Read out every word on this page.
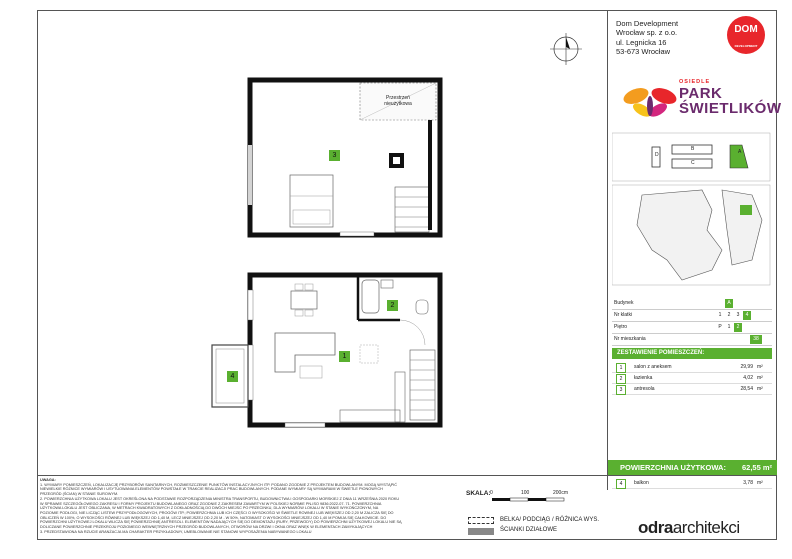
Przestrzeń
nieużytkowa
3
2
1
4
Dom Development
Wrocław sp. z o.o.
ul. Legnicka 16
53-673 Wrocław
DOM
DEVELOPMENT
OSIEDLE
PARK
ŚWIETLIKÓW
B
C
D	A
Budynek	A
Nr klatki	1	2	3	4
Piętro	P	1	2
Nr mieszkania	38
ZESTAWIENIE POMIESZCZEŃ:
1	salon z aneksem	29,99 m²
2	łazienka	4,02 m²
3	antresola	28,54 m²
POWIERZCHNIA UŻYTKOWA: 62,55 m²
4	balkon	3,78 m²
UWAGA:
1. WYMIARY POMIESZCZEŃ, LOKALIZACJĘ PRZYBORÓW SANITARNYCH, ROZMIESZCZENIE PUNKTÓW INSTALACYJNYCH ITP. PODANO ZGODNIE Z PROJEKTEM BUDOWLANYM. MOGĄ WYSTĄPIĆ
NIEWIELKIE RÓŻNICE WYMIARÓW I USYTUOWANIA ELEMENTÓW POWSTAŁE W TRAKCIE REALIZACJI PRAC BUDOWLANYCH. PODANE WYMIARY SĄ WYMIARAMI W ŚWIETLE PIONOWYCH
PRZEGRÓD (ŚCIAN) W STANIE SUROWYM.
2. POWIERZCHNIA UŻYTKOWA LOKALU JEST OKREŚLONA NA PODSTAWIE ROZPORZĄDZENIA MINISTRA TRANSPORTU, BUDOWNICTWA I GOSPODARKI MORSKIEJ Z DNIA 11 WRZEŚNIA 2020 ROKU
W SPRAWIE SZCZEGÓŁOWEGO ZAKRESU I FORMY PROJEKTU BUDOWLANEGO ORAZ ZGODNIE Z ZAKRESEM ZAWARTYM W POLSKIEJ NORMIE PN-ISO 9836:2022-07. 71. POWIERZCHNIA
UŻYTKOWA LOKALU JEST OBLICZANA, W METRACH KWADRATOWYCH Z DOKŁADNOŚCIĄ DO DWÓCH MIEJSC PO PRZECINKU, DLA WYMIARÓW LOKALU W STANIE WYKOŃCZONYM, NA
POZIOMIE PODŁOGI, NIE LICZĄC LISTEW PRZYPODŁOGOWYCH, PROGÓW ITP.; POWIERZCHNIA LUB ICH CZĘŚCI O WYSOKOŚCI W ŚWIETLE ROWNEJ LUB WIĘKSZEJ OD 2,20 M ZALICZA SIĘ DO
OBLICZEŃ W 100%, O WYSOKOŚCI RÓWNEJ LUB WIĘKSZEJ OD 1,40 M, LECZ MNIEJSZEJ OD 2,20 M - W 50%, NATOMIAST O WYSOKOŚCI MNIEJSZEJ OD 1,40 M POMIJA SIĘ CAŁKOWICIE. DO
POWIERZCHNI UŻYTKOWEJ LOKALU WLICZA SIĘ POWIERZCHNIĘ ANTRESOLI. ELEMENTÓW NADAJĄCYCH SIĘ DO DEMONTAŻU (RURY, PRZEWODY) DO POWIERZCHNI UŻYTKOWEJ LOKALU NIE SĄ
DOLICZANE POWIERZCHNIE PRZEKROJU POZIOMEGO WEWNĘTRZNYCH PRZEGRÓD BUDOWLANYCH, OTWORÓW NA DRZWI I OKNA ORAZ WNĘK W ELEMENTACH ZAMYKAJĄCYCH
3. PRZEDSTAWIONA NA RZUCIE ARANŻACJA MA CHARAKTER PRZYKŁADOWY, UMEBLOWANIE NIE STANOWI WYPOSAŻENIA NABYWANEGO LOKALU
SKALA: 0	100	200cm
BELKA/ PODCIĄG / RÓŻNICA WYS.
ŚCIANKI DZIAŁOWE	odraarchitekci
